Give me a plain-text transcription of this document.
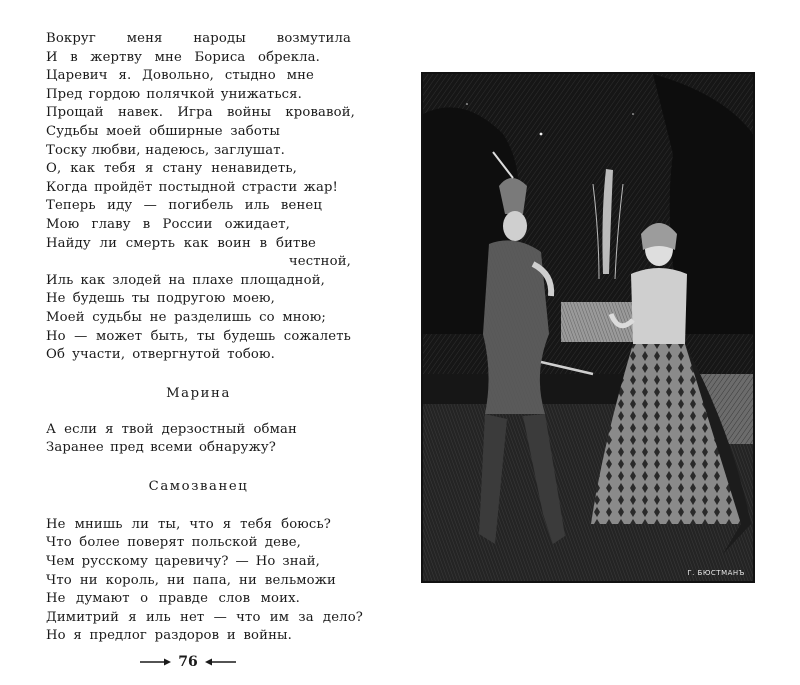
Вокруг меня народы возмутила
И в жертву мне Бориса обрекла.
Царевич я. Довольно, стыдно мне
Пред гордою полячкой унижаться.
Прощай навек. Игра войны кровавой,
Судьбы моей обширные заботы
Тоску любви, надеюсь, заглушат.
О, как тебя я стану ненавидеть,
Когда пройдёт постыдной страсти жар!
Теперь иду — погибель иль венец
Мою главу в России ожидает,
Найду ли смерть как воин в битве
честной,
Иль как злодей на плахе площадной,
Не будешь ты подругою моею,
Моей судьбы не разделишь со мною;
Но — может быть, ты будешь сожалеть
Об участи, отвергнутой тобою.
Марина
А если я твой дерзостный обман
Заранее пред всеми обнаружу?
Самозванец
Не мнишь ли ты, что я тебя боюсь?
Что более поверят польской деве,
Чем русскому царевичу? — Но знай,
Что ни король, ни папа, ни вельможи
Не думают о правде слов моих.
Димитрий я иль нет — что им за дело?
Но я предлог раздоров и войны.
76
Г. БЮСТМАНЪ
